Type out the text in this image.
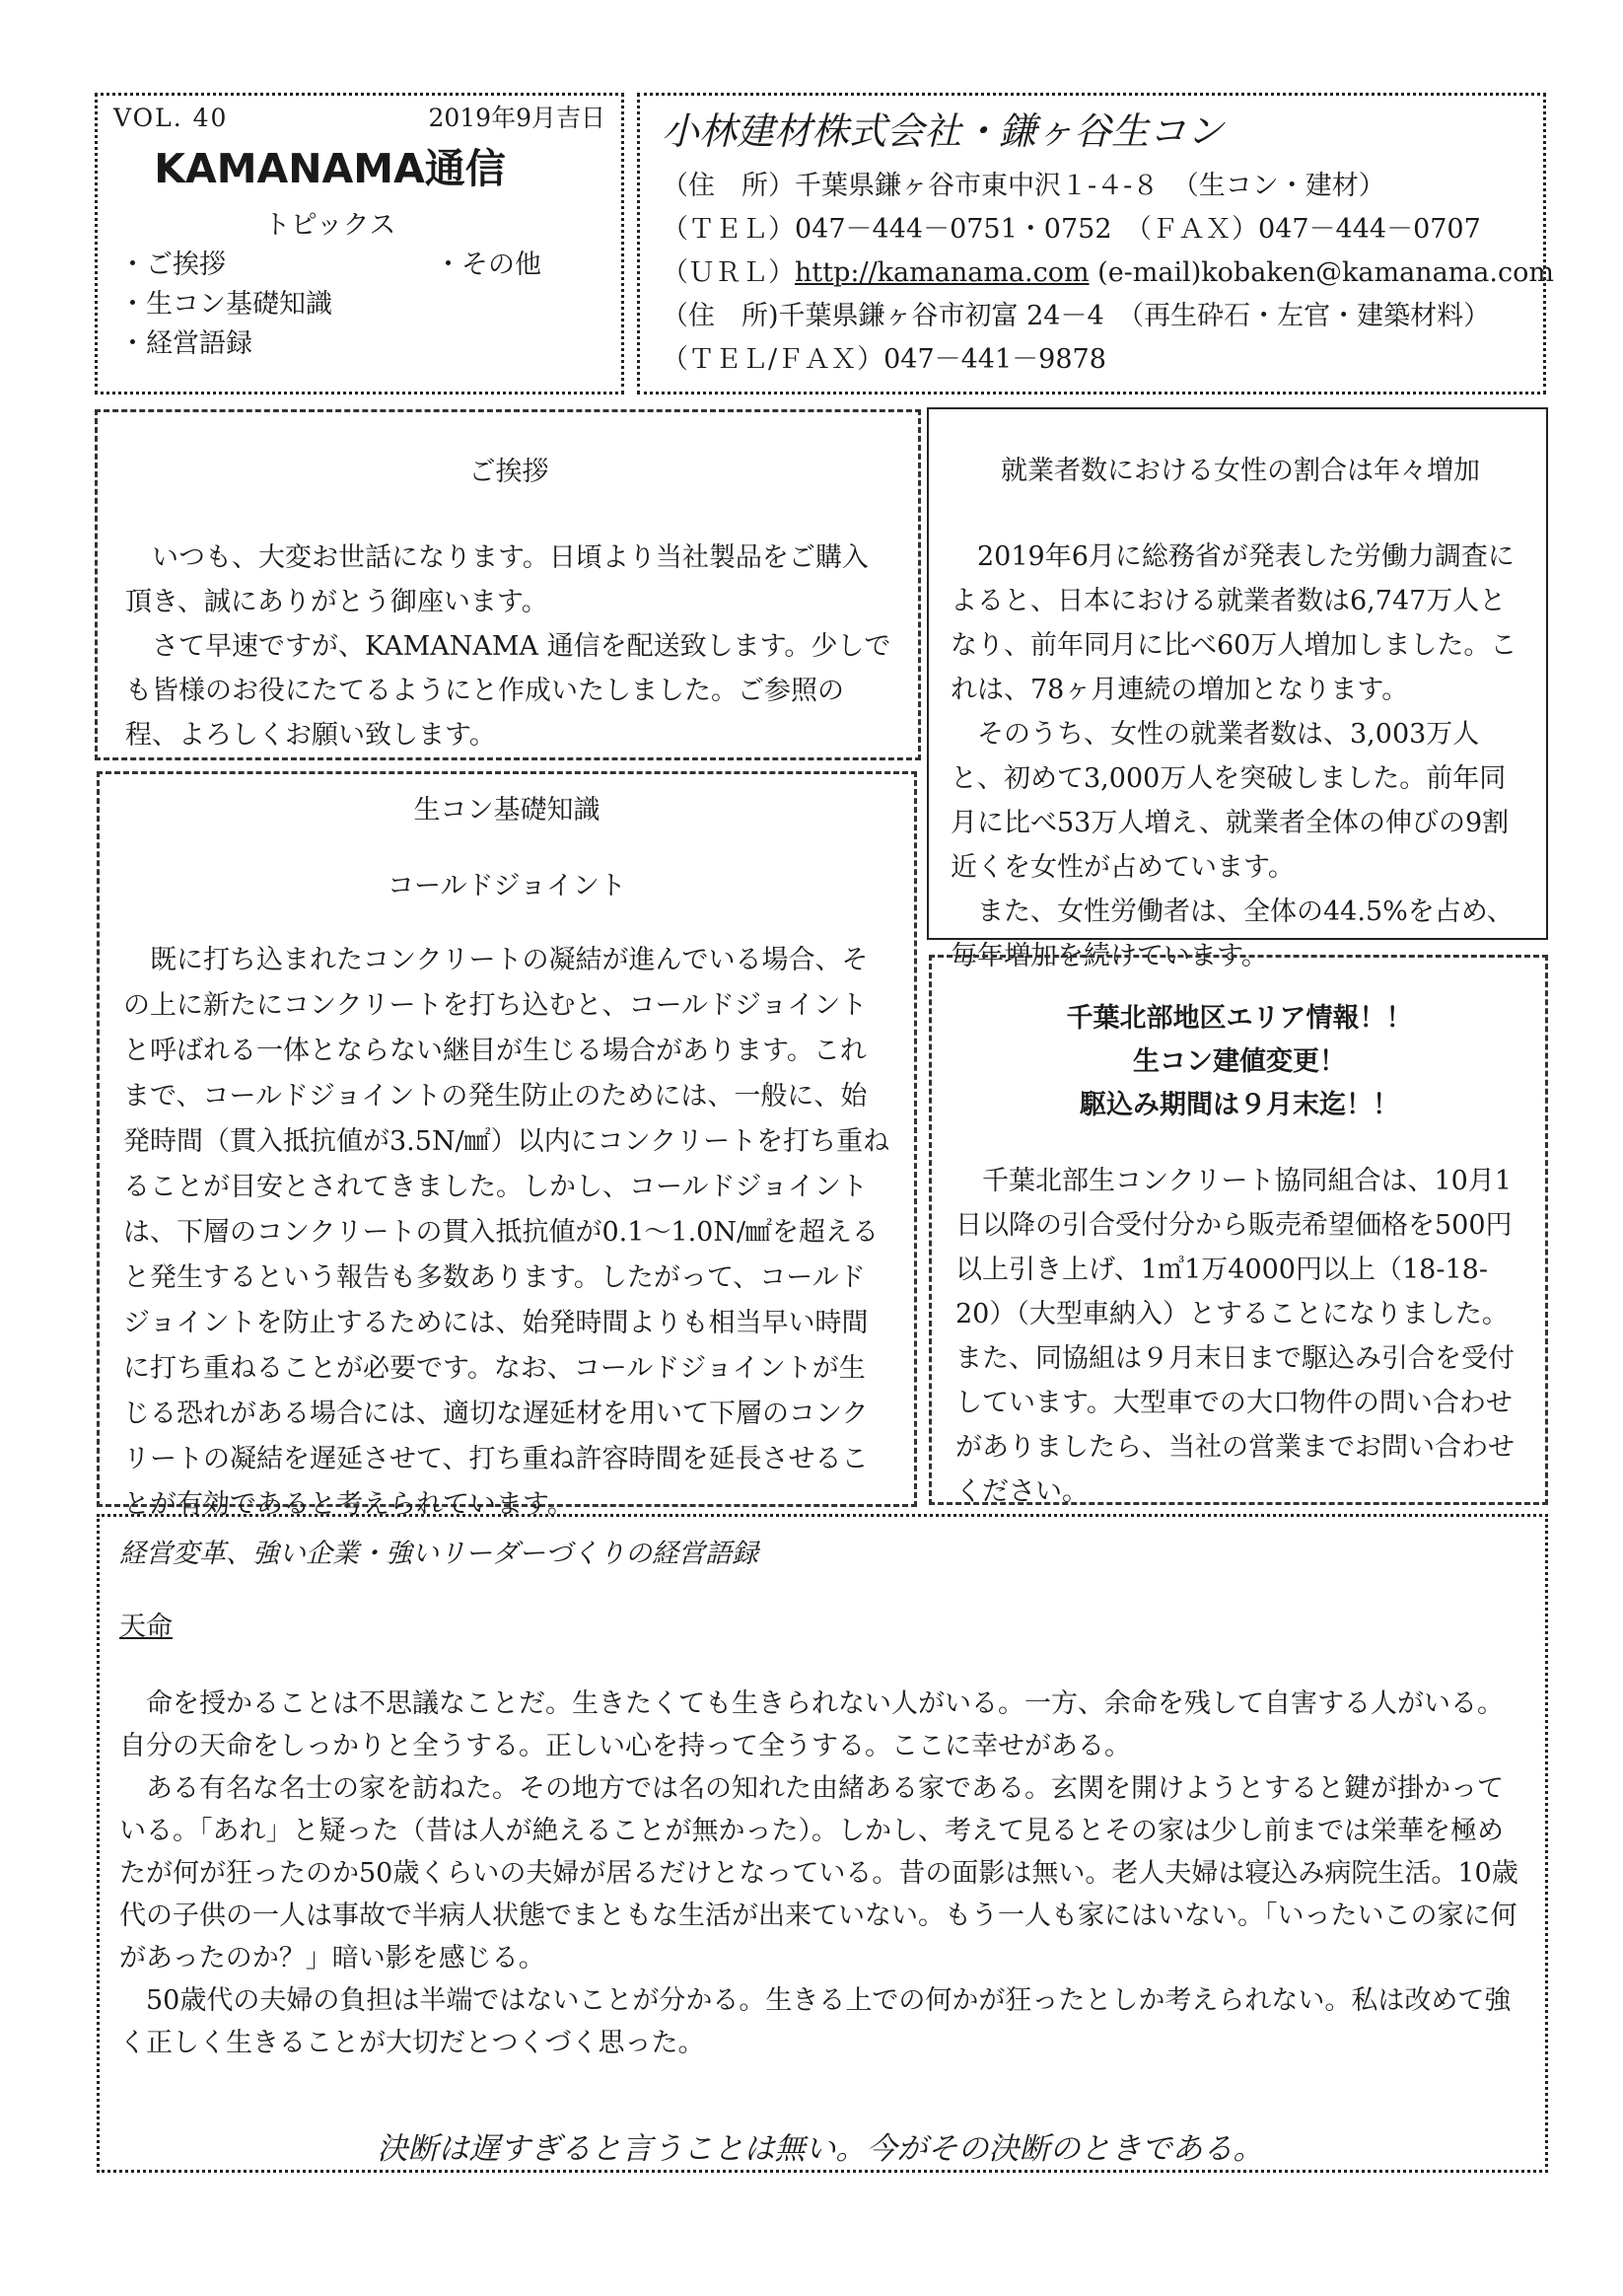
VOL. 40	2019年9月吉日
KAMANAMA通信
トピックス
・ご挨拶	・その他
・生コン基礎知識
・経営語録
小林建材株式会社・鎌ヶ谷生コン

（住　所）千葉県鎌ヶ谷市東中沢１-４-８　（生コン・建材）

（ＴＥＬ）047－444－0751・0752　（ＦＡＸ）047－444－0707

（ＵＲＬ）http://kamanama.com (e-mail)kobaken@kamanama.com

（住　所)千葉県鎌ヶ谷市初富 24－4　（再生砕石・左官・建築材料）

（ＴＥＬ/ＦＡＸ）047－441－9878

ご挨拶

いつも、大変お世話になります。日頃より当社製品をご購入頂き、誠にありがとう御座います。

さて早速ですが、KAMANAMA 通信を配送致します。少しでも皆様のお役にたてるようにと作成いたしました。ご参照の程、よろしくお願い致します。

就業者数における女性の割合は年々増加

2019年6月に総務省が発表した労働力調査によると、日本における就業者数は6,747万人となり、前年同月に比べ60万人増加しました。これは、78ヶ月連続の増加となります。

そのうち、女性の就業者数は、3,003万人と、初めて3,000万人を突破しました。前年同月に比べ53万人増え、就業者全体の伸びの9割近くを女性が占めています。

また、女性労働者は、全体の44.5%を占め、毎年増加を続けています。

生コン基礎知識

コールドジョイント

既に打ち込まれたコンクリートの凝結が進んでいる場合、その上に新たにコンクリートを打ち込むと、コールドジョイントと呼ばれる一体とならない継目が生じる場合があります。これまで、コールドジョイントの発生防止のためには、一般に、始発時間（貫入抵抗値が3.5N/㎟）以内にコンクリートを打ち重ねることが目安とされてきました。しかし、コールドジョイントは、下層のコンクリートの貫入抵抗値が0.1～1.0N/㎟を超えると発生するという報告も多数あります。したがって、コールドジョイントを防止するためには、始発時間よりも相当早い時間に打ち重ねることが必要です。なお、コールドジョイントが生じる恐れがある場合には、適切な遅延材を用いて下層のコンクリートの凝結を遅延させて、打ち重ね許容時間を延長させることが有効であると考えられています。

千葉北部地区エリア情報！！

生コン建値変更！

駆込み期間は９月末迄！！

千葉北部生コンクリート協同組合は、10月1日以降の引合受付分から販売希望価格を500円以上引き上げ、1㎥1万4000円以上（18-18-20）（大型車納入）とすることになりました。また、同協組は９月末日まで駆込み引合を受付しています。大型車での大口物件の問い合わせがありましたら、当社の営業までお問い合わせください。

経営変革、強い企業・強いリーダーづくりの経営語録

天命

命を授かることは不思議なことだ。生きたくても生きられない人がいる。一方、余命を残して自害する人がいる。自分の天命をしっかりと全うする。正しい心を持って全うする。ここに幸せがある。

ある有名な名士の家を訪ねた。その地方では名の知れた由緒ある家である。玄関を開けようとすると鍵が掛かっている。「あれ」と疑った（昔は人が絶えることが無かった）。しかし、考えて見るとその家は少し前までは栄華を極めたが何が狂ったのか50歳くらいの夫婦が居るだけとなっている。昔の面影は無い。老人夫婦は寝込み病院生活。10歳代の子供の一人は事故で半病人状態でまともな生活が出来ていない。もう一人も家にはいない。「いったいこの家に何があったのか？」暗い影を感じる。

50歳代の夫婦の負担は半端ではないことが分かる。生きる上での何かが狂ったとしか考えられない。私は改めて強く正しく生きることが大切だとつくづく思った。

決断は遅すぎると言うことは無い。今がその決断のときである。
